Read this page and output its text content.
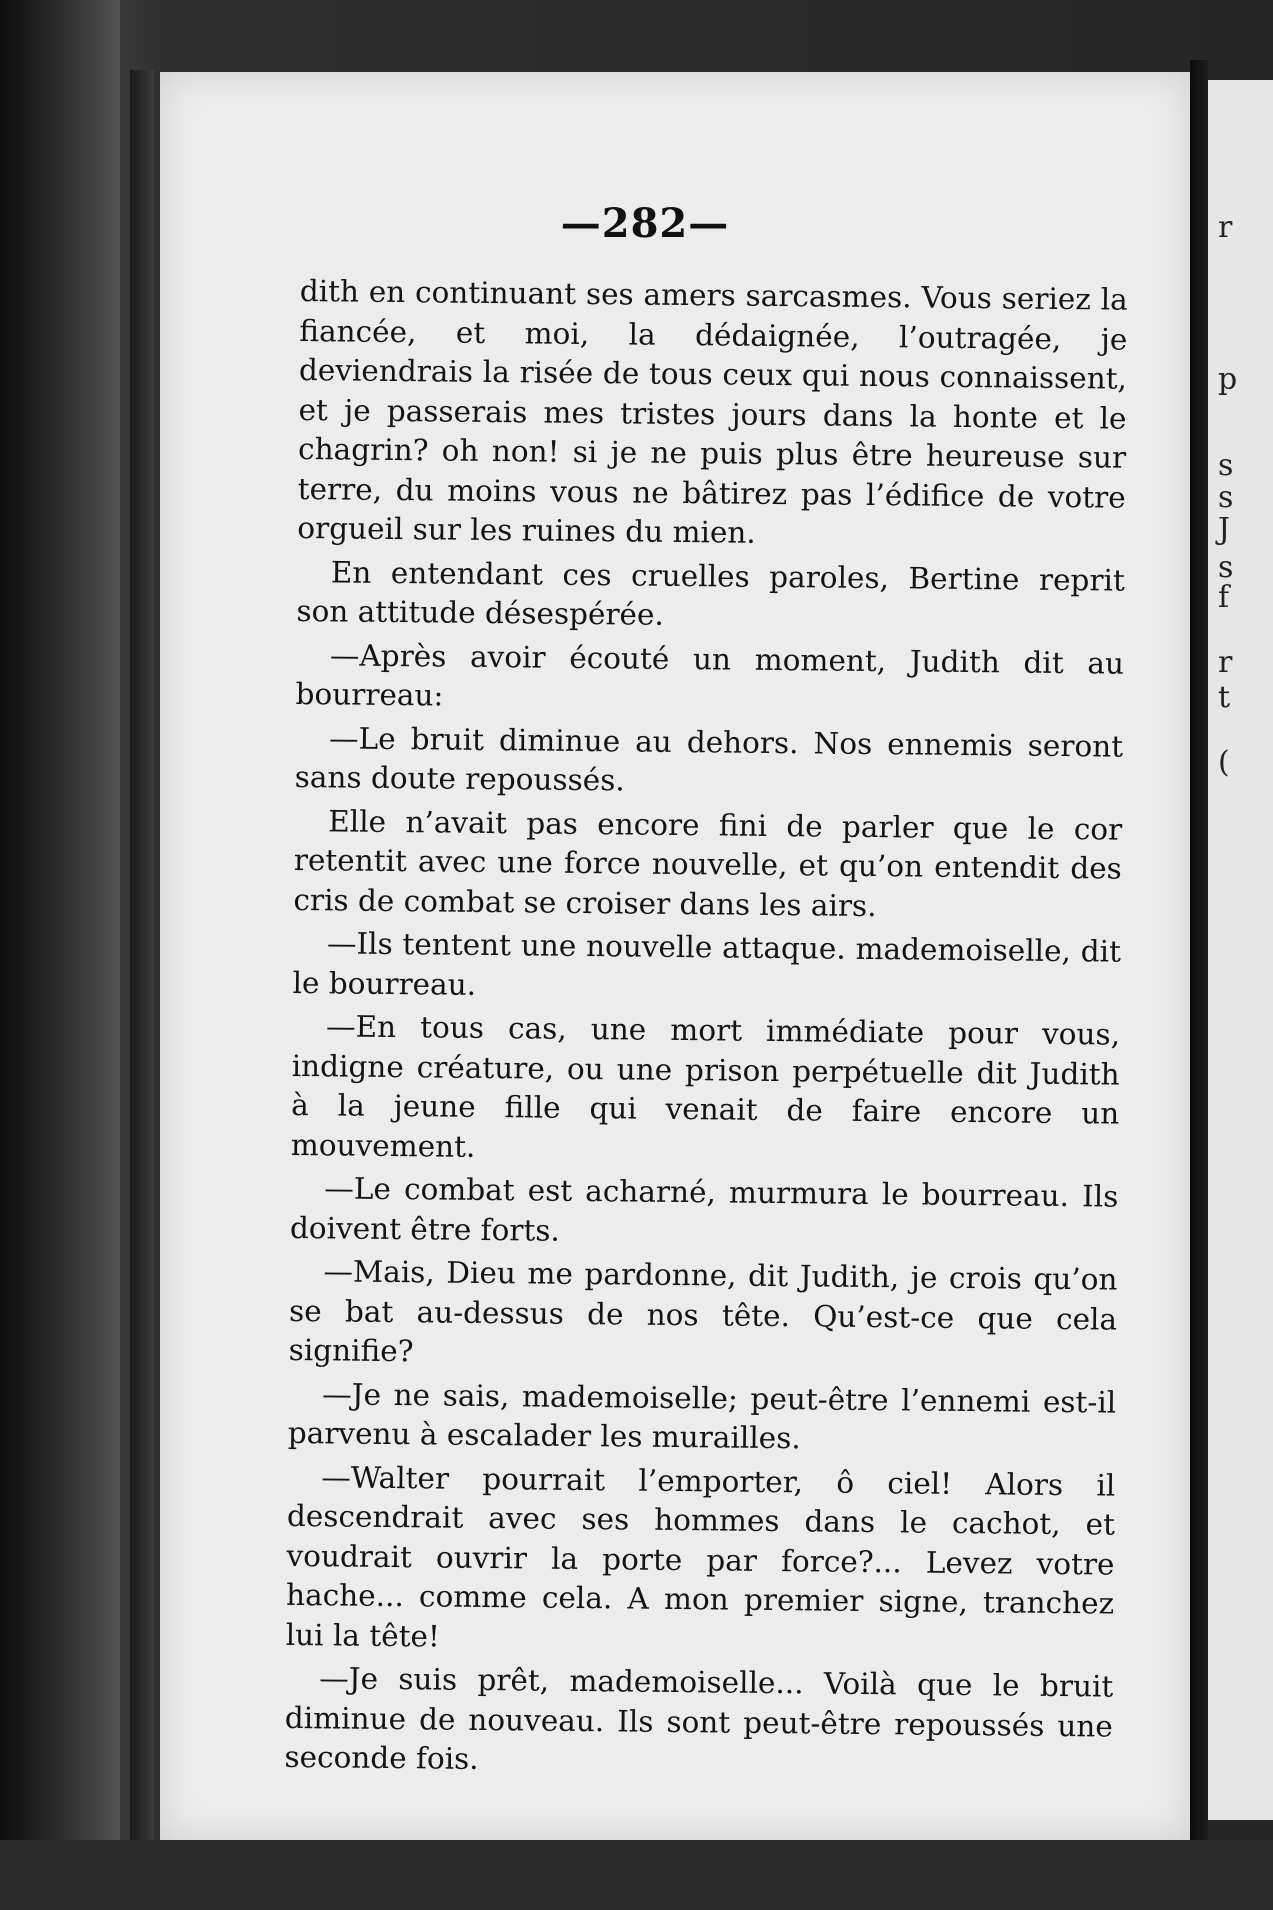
—282—

dith en continuant ses amers sarcasmes. Vous seriez la fiancée, et moi, la dédaignée, l’outragée, je deviendrais la risée de tous ceux qui nous connaissent, et je passerais mes tristes jours dans la honte et le chagrin? oh non! si je ne puis plus être heureuse sur terre, du moins vous ne bâtirez pas l’édifice de votre orgueil sur les ruines du mien.

En entendant ces cruelles paroles, Bertine reprit son attitude désespérée.

—Après avoir écouté un moment, Judith dit au bourreau:

—Le bruit diminue au dehors. Nos ennemis seront sans doute repoussés.

Elle n’avait pas encore fini de parler que le cor retentit avec une force nouvelle, et qu’on entendit des cris de combat se croiser dans les airs.

—Ils tentent une nouvelle attaque. mademoiselle, dit le bourreau.

—En tous cas, une mort immédiate pour vous, indigne créature, ou une prison perpétuelle dit Judith à la jeune fille qui venait de faire encore un mouvement.

—Le combat est acharné, murmura le bourreau. Ils doivent être forts.

—Mais, Dieu me pardonne, dit Judith, je crois qu’on se bat au-dessus de nos tête. Qu’est-ce que cela signifie?

—Je ne sais, mademoiselle; peut-être l’ennemi est-il parvenu à escalader les murailles.

—Walter pourrait l’emporter, ô ciel! Alors il descendrait avec ses hommes dans le cachot, et voudrait ouvrir la porte par force?... Levez votre hache... comme cela. A mon premier signe, tranchez lui la tête!

—Je suis prêt, mademoiselle... Voilà que le bruit diminue de nouveau. Ils sont peut-être repoussés une seconde fois.

r
p
s
s
J
s
f
r
t
(
